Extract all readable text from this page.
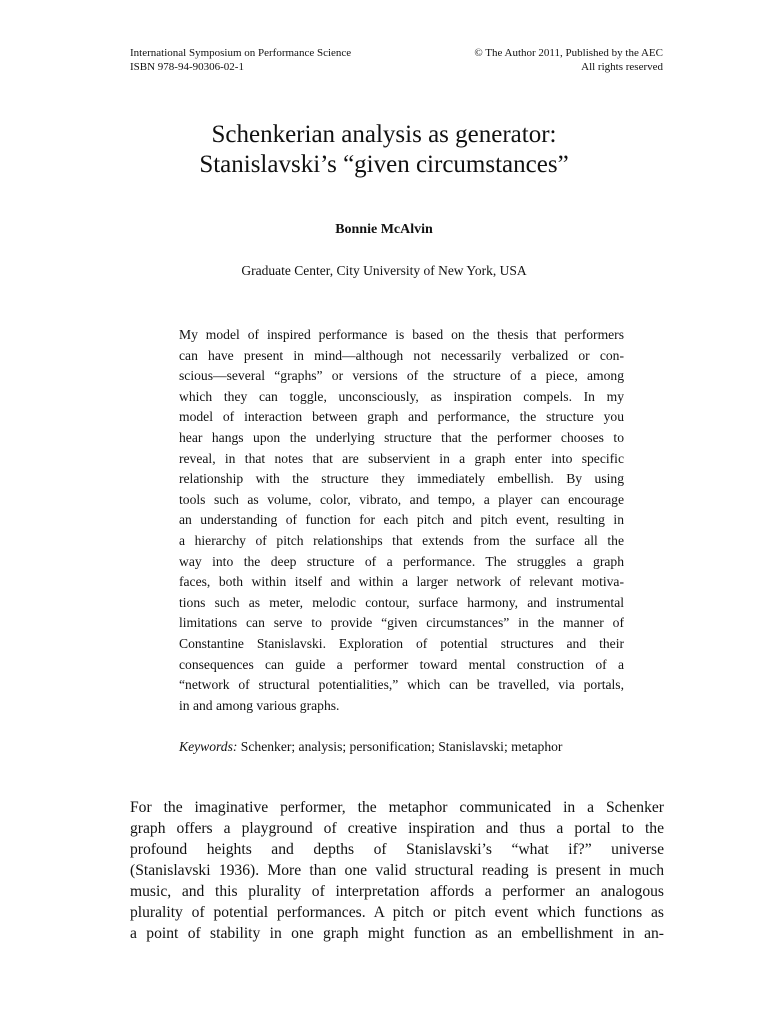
International Symposium on Performance Science
ISBN 978-94-90306-02-1
© The Author 2011, Published by the AEC
All rights reserved
Schenkerian analysis as generator:
Stanislavski’s “given circumstances”
Bonnie McAlvin
Graduate Center, City University of New York, USA
My model of inspired performance is based on the thesis that performers
can have present in mind—although not necessarily verbalized or con-
scious—several “graphs” or versions of the structure of a piece, among
which they can toggle, unconsciously, as inspiration compels. In my
model of interaction between graph and performance, the structure you
hear hangs upon the underlying structure that the performer chooses to
reveal, in that notes that are subservient in a graph enter into specific
relationship with the structure they immediately embellish. By using
tools such as volume, color, vibrato, and tempo, a player can encourage
an understanding of function for each pitch and pitch event, resulting in
a hierarchy of pitch relationships that extends from the surface all the
way into the deep structure of a performance. The struggles a graph
faces, both within itself and within a larger network of relevant motiva-
tions such as meter, melodic contour, surface harmony, and instrumental
limitations can serve to provide “given circumstances” in the manner of
Constantine Stanislavski. Exploration of potential structures and their
consequences can guide a performer toward mental construction of a
“network of structural potentialities,” which can be travelled, via portals,
in and among various graphs.
Keywords: Schenker; analysis; personification; Stanislavski; metaphor
For the imaginative performer, the metaphor communicated in a Schenker
graph offers a playground of creative inspiration and thus a portal to the
profound heights and depths of Stanislavski’s “what if?” universe
(Stanislavski 1936). More than one valid structural reading is present in much
music, and this plurality of interpretation affords a performer an analogous
plurality of potential performances. A pitch or pitch event which functions as
a point of stability in one graph might function as an embellishment in an-
